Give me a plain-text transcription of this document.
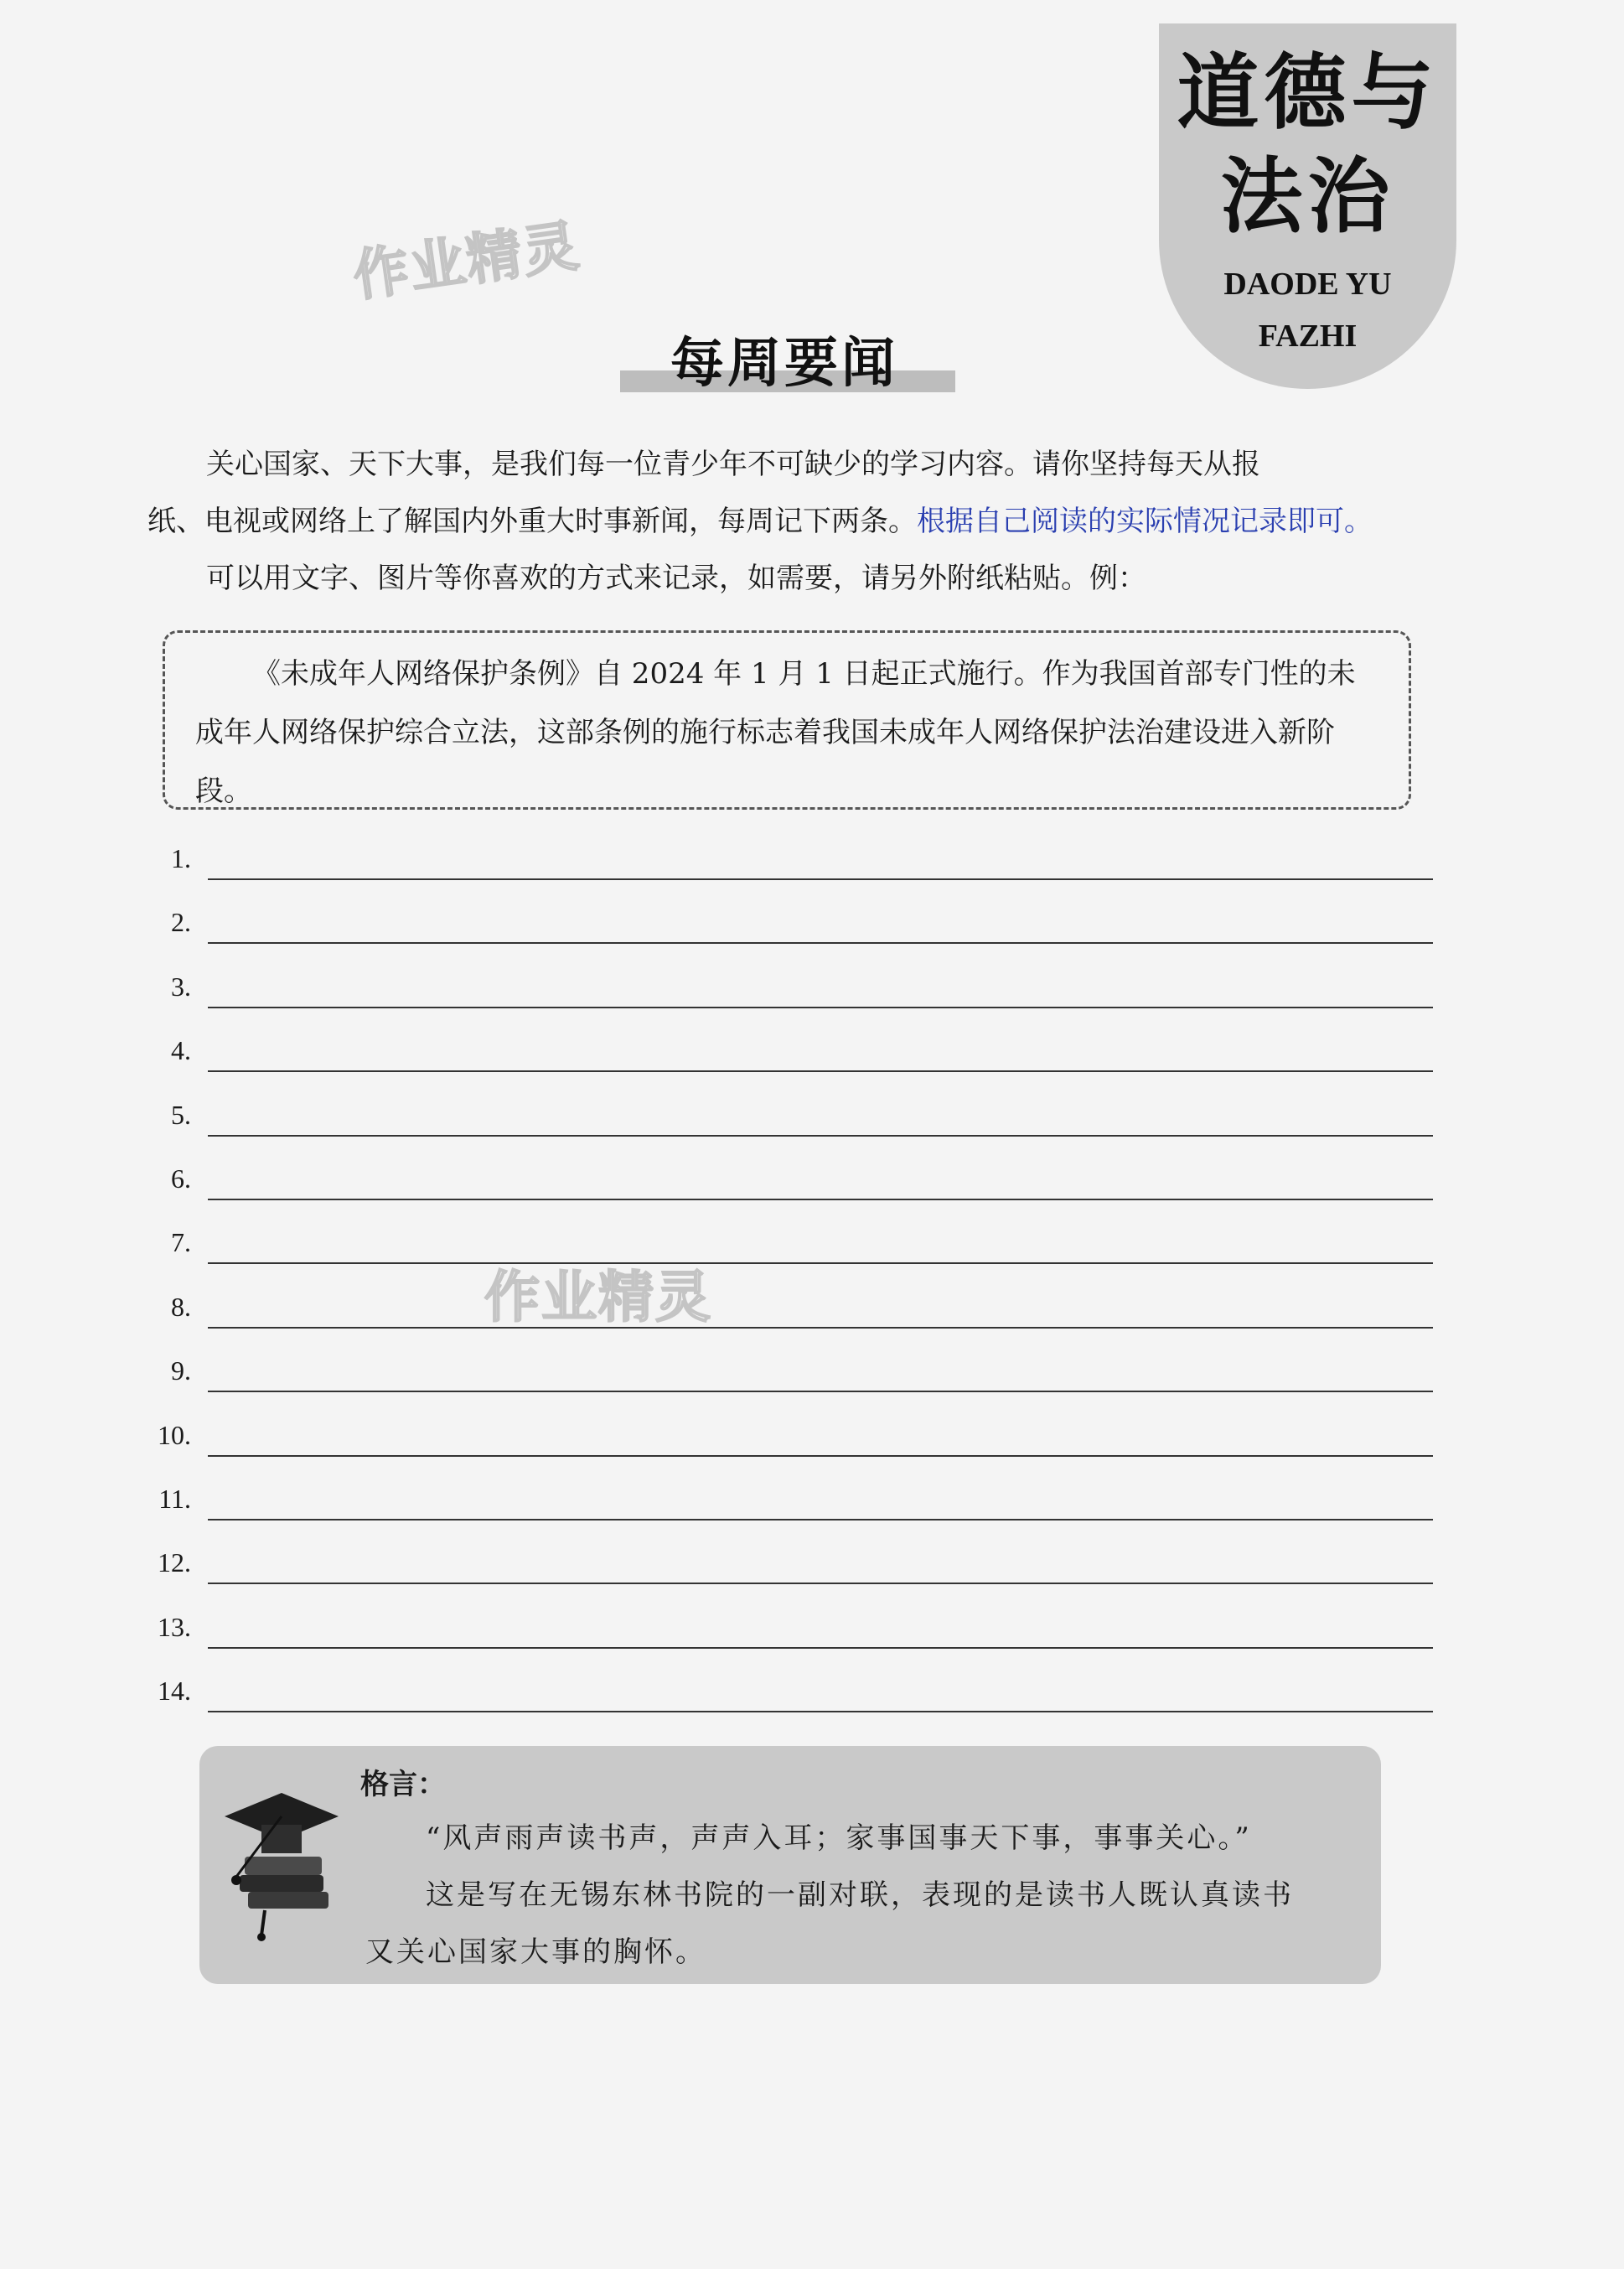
道德与
法治
DAODE YU
FAZHI
作业精灵
作业精灵
每周要闻
关心国家、天下大事，是我们每一位青少年不可缺少的学习内容。请你坚持每天从报
纸、电视或网络上了解国内外重大时事新闻，每周记下两条。根据自己阅读的实际情况记录即可。
可以用文字、图片等你喜欢的方式来记录，如需要，请另外附纸粘贴。例：

《未成年人网络保护条例》自 2024 年 1 月 1 日起正式施行。作为我国首部专门性的未成年人网络保护综合立法，这部条例的施行标志着我国未成年人网络保护法治建设进入新阶段。

1.
2.
3.
4.
5.
6.
7.
8.
9.
10.
11.
12.
13.
14.
格言：
“风声雨声读书声，声声入耳；家事国事天下事，事事关心。”
这是写在无锡东林书院的一副对联，表现的是读书人既认真读书
又关心国家大事的胸怀。
